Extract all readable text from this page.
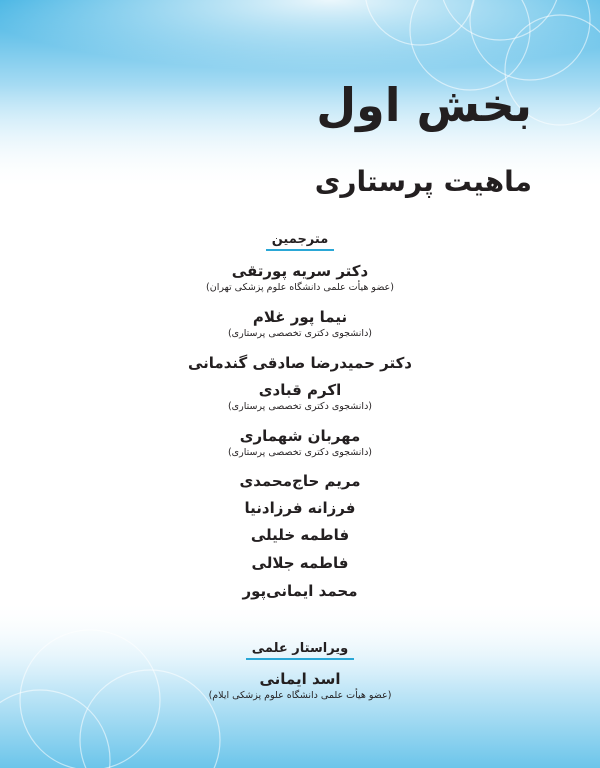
بخش اول
ماهیت پرستاری
مترجمین
دکتر سریه پورتقی
(عضو هیأت علمی دانشگاه علوم پزشکی تهران)
نیما پور غلام
(دانشجوی دکتری تخصصی پرستاری)
دکتر حمیدرضا صادقی گندمانی
اکرم قبادی
(دانشجوی دکتری تخصصی پرستاری)
مهربان شهماری
(دانشجوی دکتری تخصصی پرستاری)
مریم حاج‌محمدی
فرزانه فرزادنیا
فاطمه خلیلی
فاطمه جلالی
محمد ایمانی‌پور
ویراستار علمی
اسد ایمانی
(عضو هیأت علمی دانشگاه علوم پزشکی ایلام)
